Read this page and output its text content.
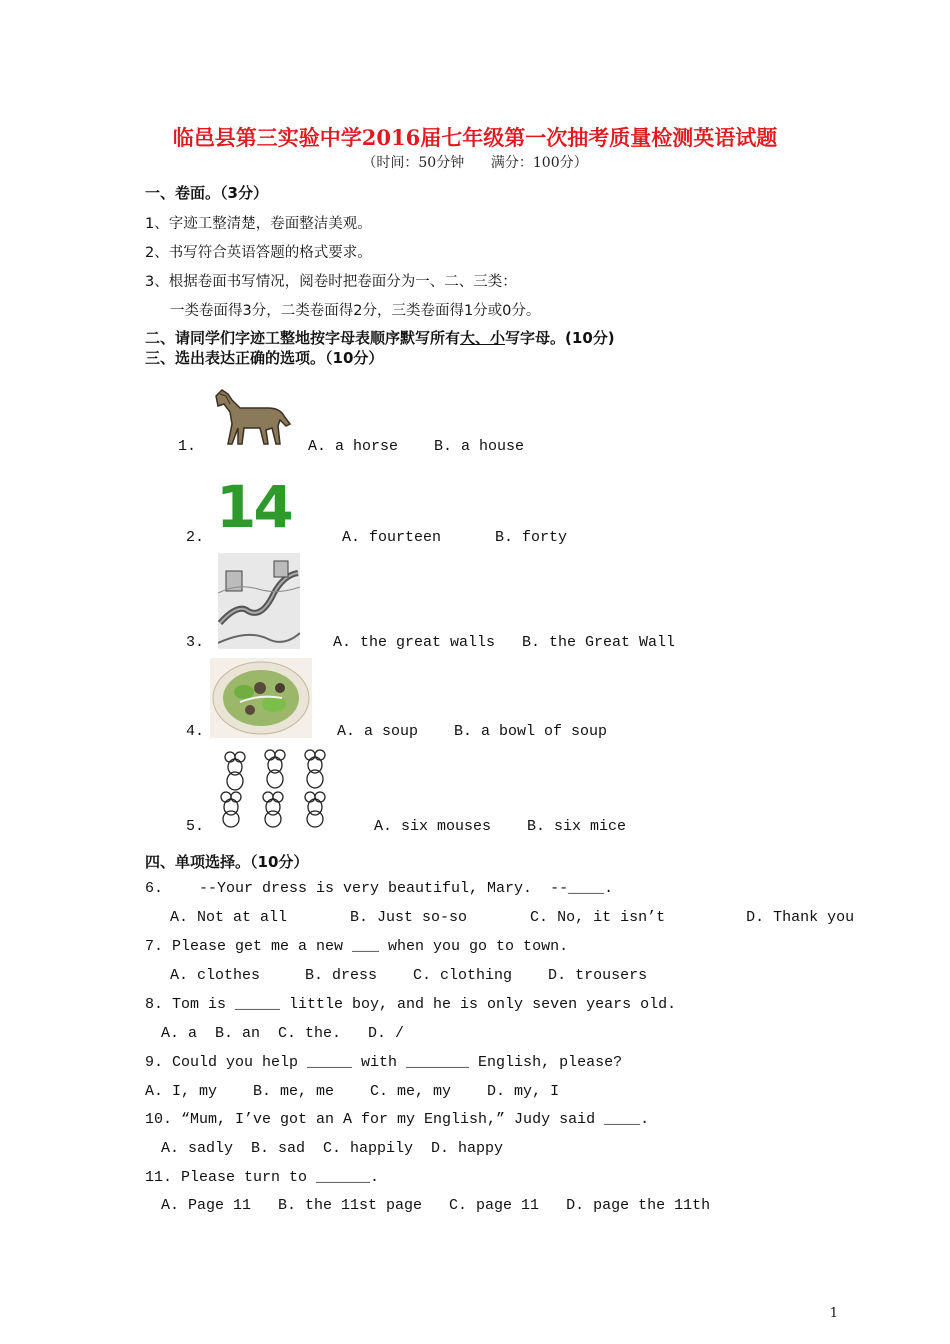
临邑县第三实验中学2016届七年级第一次抽考质量检测英语试题
（时间：50分钟      满分：100分）
一、卷面。（3分）
1、字迹工整清楚，卷面整洁美观。
2、书写符合英语答题的格式要求。
3、根据卷面书写情况，阅卷时把卷面分为一、二、三类：
一类卷面得3分，二类卷面得2分，三类卷面得1分或0分。
二、请同学们字迹工整地按字母表顺序默写所有大、小写字母。(10分)
三、选出表达正确的选项。（10分）
1.	A. a horse    B. a house
14
2.	A. fourteen      B. forty
3.	A. the great walls   B. the Great Wall
4.	A. a soup    B. a bowl of soup
5.	A. six mouses    B. six mice
四、单项选择。（10分）
6.    --Your dress is very beautiful, Mary.  --____.
A. Not at all       B. Just so-so       C. No, it isn’t         D. Thank you
7. Please get me a new ___ when you go to town.
A. clothes     B. dress    C. clothing    D. trousers
8. Tom is _____ little boy, and he is only seven years old.
A. a  B. an  C. the.   D. /
9. Could you help _____ with _______ English, please?
A. I, my    B. me, me    C. me, my    D. my, I
10. “Mum, I’ve got an A for my English,” Judy said ____.
A. sadly  B. sad  C. happily  D. happy
11. Please turn to ______.
A. Page 11   B. the 11st page   C. page 11   D. page the 11th
1
